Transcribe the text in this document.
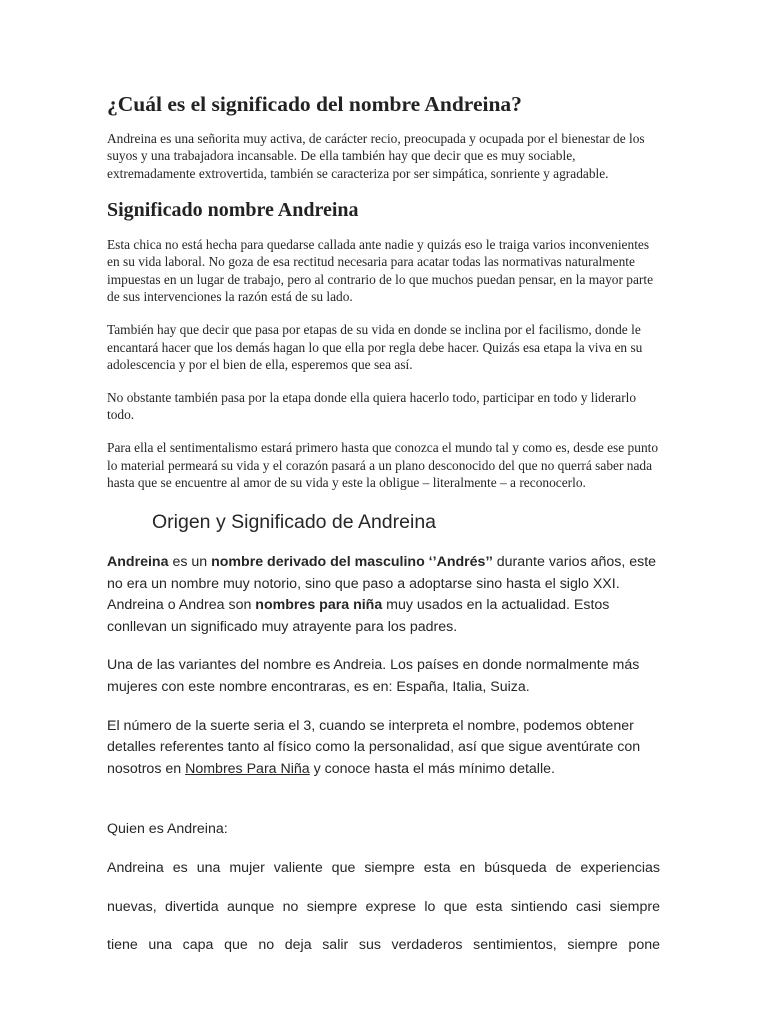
¿Cuál es el significado del nombre Andreina?

Andreina es una señorita muy activa, de carácter recio, preocupada y ocupada por el bienestar de los suyos y una trabajadora incansable. De ella también hay que decir que es muy sociable, extremadamente extrovertida, también se caracteriza por ser simpática, sonriente y agradable.

Significado nombre Andreina

Esta chica no está hecha para quedarse callada ante nadie y quizás eso le traiga varios inconvenientes en su vida laboral. No goza de esa rectitud necesaria para acatar todas las normativas naturalmente impuestas en un lugar de trabajo, pero al contrario de lo que muchos puedan pensar, en la mayor parte de sus intervenciones la razón está de su lado.

También hay que decir que pasa por etapas de su vida en donde se inclina por el facilismo, donde le encantará hacer que los demás hagan lo que ella por regla debe hacer. Quizás esa etapa la viva en su adolescencia y por el bien de ella, esperemos que sea así.

No obstante también pasa por la etapa donde ella quiera hacerlo todo, participar en todo y liderarlo todo.

Para ella el sentimentalismo estará primero hasta que conozca el mundo tal y como es, desde ese punto lo material permeará su vida y el corazón pasará a un plano desconocido del que no querrá saber nada hasta que se encuentre al amor de su vida y este la obligue – literalmente – a reconocerlo.

Origen y Significado de Andreina

Andreina es un nombre derivado del masculino ‘’Andrés’’ durante varios años, este no era un nombre muy notorio, sino que paso a adoptarse sino hasta el siglo XXI. Andreina o Andrea son nombres para niña muy usados en la actualidad. Estos conllevan un significado muy atrayente para los padres.

Una de las variantes del nombre es Andreia. Los países en donde normalmente más mujeres con este nombre encontraras, es en: España, Italia, Suiza.

El número de la suerte seria el 3, cuando se interpreta el nombre, podemos obtener detalles referentes tanto al físico como la personalidad, así que sigue aventúrate con nosotros en Nombres Para Niña y conoce hasta el más mínimo detalle.

Quien es Andreina:

Andreina es una mujer valiente que siempre esta en búsqueda de experiencias

nuevas, divertida aunque no siempre exprese lo que esta sintiendo casi siempre

tiene una capa que no deja salir sus verdaderos sentimientos, siempre pone
